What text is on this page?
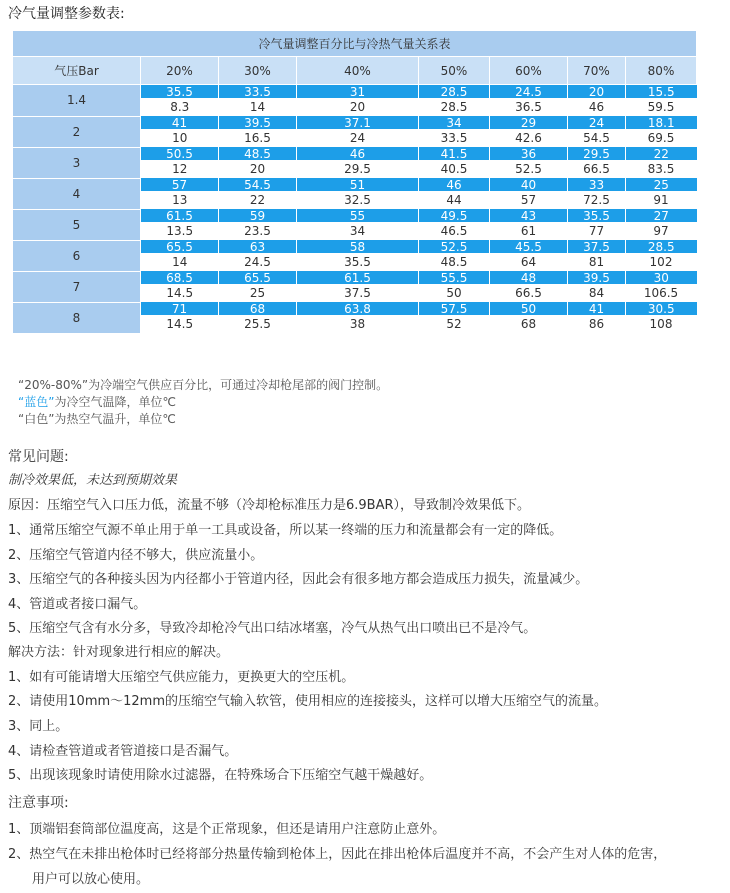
冷气量调整参数表:
冷气量调整百分比与冷热气量关系表							
气压Bar	20%	30%	40%	50%	60%	70%	80%
1.4	35.5	33.5	31	28.5	24.5	20	15.5
	8.3	14	20	28.5	36.5	46	59.5
2	41	39.5	37.1	34	29	24	18.1
	10	16.5	24	33.5	42.6	54.5	69.5
3	50.5	48.5	46	41.5	36	29.5	22
	12	20	29.5	40.5	52.5	66.5	83.5
4	57	54.5	51	46	40	33	25
	13	22	32.5	44	57	72.5	91
5	61.5	59	55	49.5	43	35.5	27
	13.5	23.5	34	46.5	61	77	97
6	65.5	63	58	52.5	45.5	37.5	28.5
	14	24.5	35.5	48.5	64	81	102
7	68.5	65.5	61.5	55.5	48	39.5	30
	14.5	25	37.5	50	66.5	84	106.5
8	71	68	63.8	57.5	50	41	30.5
	14.5	25.5	38	52	68	86	108
“20%-80%”为冷端空气供应百分比，可通过冷却枪尾部的阀门控制。
“蓝色”为冷空气温降，单位℃
“白色”为热空气温升，单位℃
常见问题:
制冷效果低，未达到预期效果
原因：压缩空气入口压力低，流量不够（冷却枪标准压力是6.9BAR），导致制冷效果低下。
1、通常压缩空气源不单止用于单一工具或设备，所以某一终端的压力和流量都会有一定的降低。
2、压缩空气管道内径不够大，供应流量小。
3、压缩空气的各种接头因为内径都小于管道内径，因此会有很多地方都会造成压力损失，流量减少。
4、管道或者接口漏气。
5、压缩空气含有水分多，导致冷却枪冷气出口结冰堵塞，冷气从热气出口喷出已不是冷气。
解决方法：针对现象进行相应的解决。
1、如有可能请增大压缩空气供应能力，更换更大的空压机。
2、请使用10mm～12mm的压缩空气输入软管，使用相应的连接接头，这样可以增大压缩空气的流量。
3、同上。
4、请检查管道或者管道接口是否漏气。
5、出现该现象时请使用除水过滤器，在特殊场合下压缩空气越干燥越好。
注意事项:
1、顶端铝套筒部位温度高，这是个正常现象，但还是请用户注意防止意外。
2、热空气在未排出枪体时已经将部分热量传输到枪体上，因此在排出枪体后温度并不高，不会产生对人体的危害，
用户可以放心使用。
